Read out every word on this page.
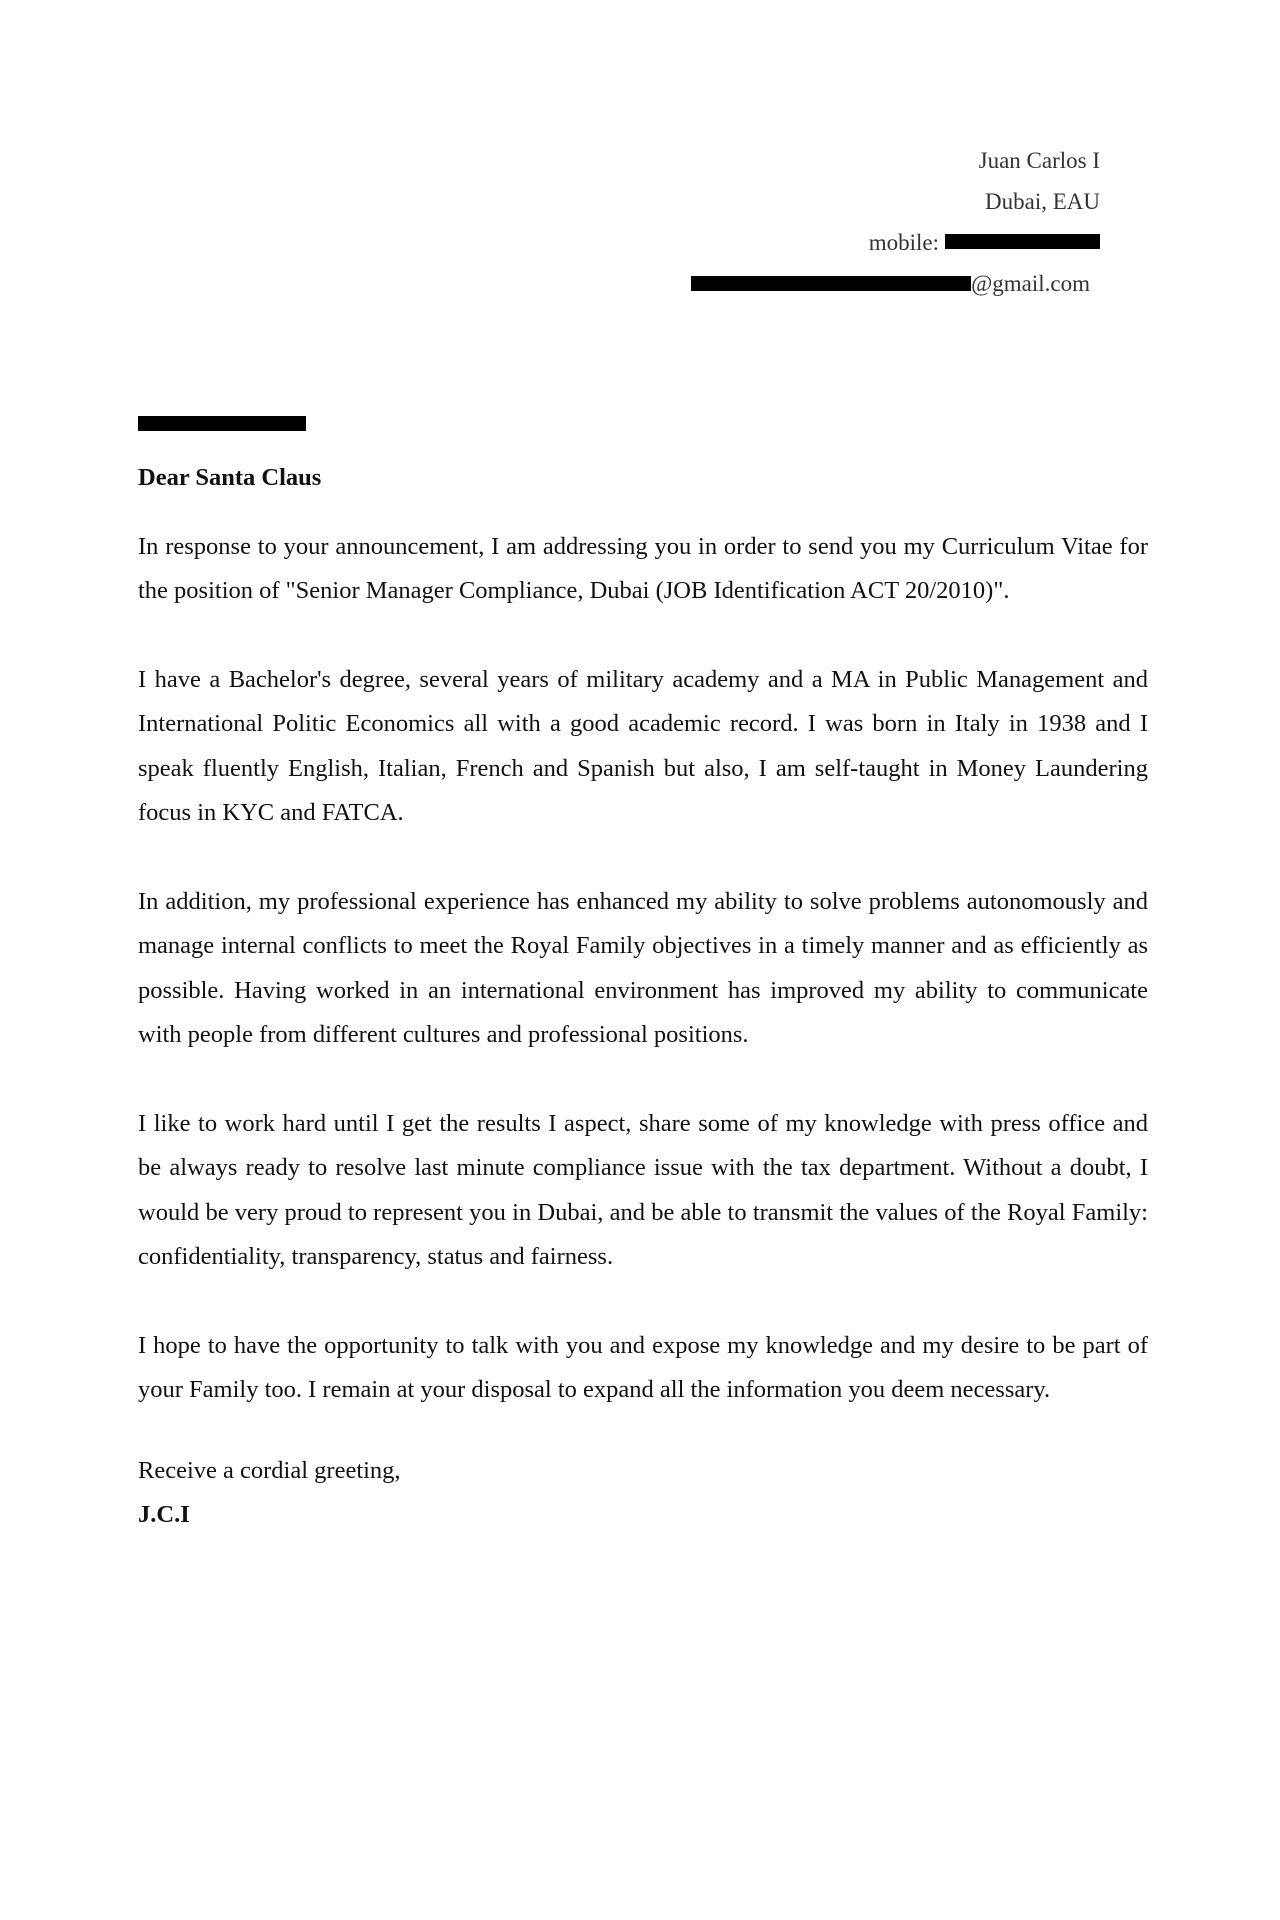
Juan Carlos I
Dubai, EAU
mobile:
@gmail.com

Dear Santa Claus

In response to your announcement, I am addressing you in order to send you my Curriculum Vitae for the position of "Senior Manager Compliance, Dubai (JOB Identification ACT 20/2010)".

I have a Bachelor's degree, several years of military academy and a MA in Public Management and International Politic Economics all with a good academic record. I was born in Italy in 1938 and I speak fluently English, Italian, French and Spanish but also, I am self-taught in Money Laundering focus in KYC and FATCA.

In addition, my professional experience has enhanced my ability to solve problems autonomously and manage internal conflicts to meet the Royal Family objectives in a timely manner and as efficiently as possible. Having worked in an international environment has improved my ability to communicate with people from different cultures and professional positions.

I like to work hard until I get the results I aspect, share some of my knowledge with press office and be always ready to resolve last minute compliance issue with the tax department. Without a doubt, I would be very proud to represent you in Dubai, and be able to transmit the values of the Royal Family: confidentiality, transparency, status and fairness.

I hope to have the opportunity to talk with you and expose my knowledge and my desire to be part of your Family too. I remain at your disposal to expand all the information you deem necessary.

Receive a cordial greeting,

J.C.I
